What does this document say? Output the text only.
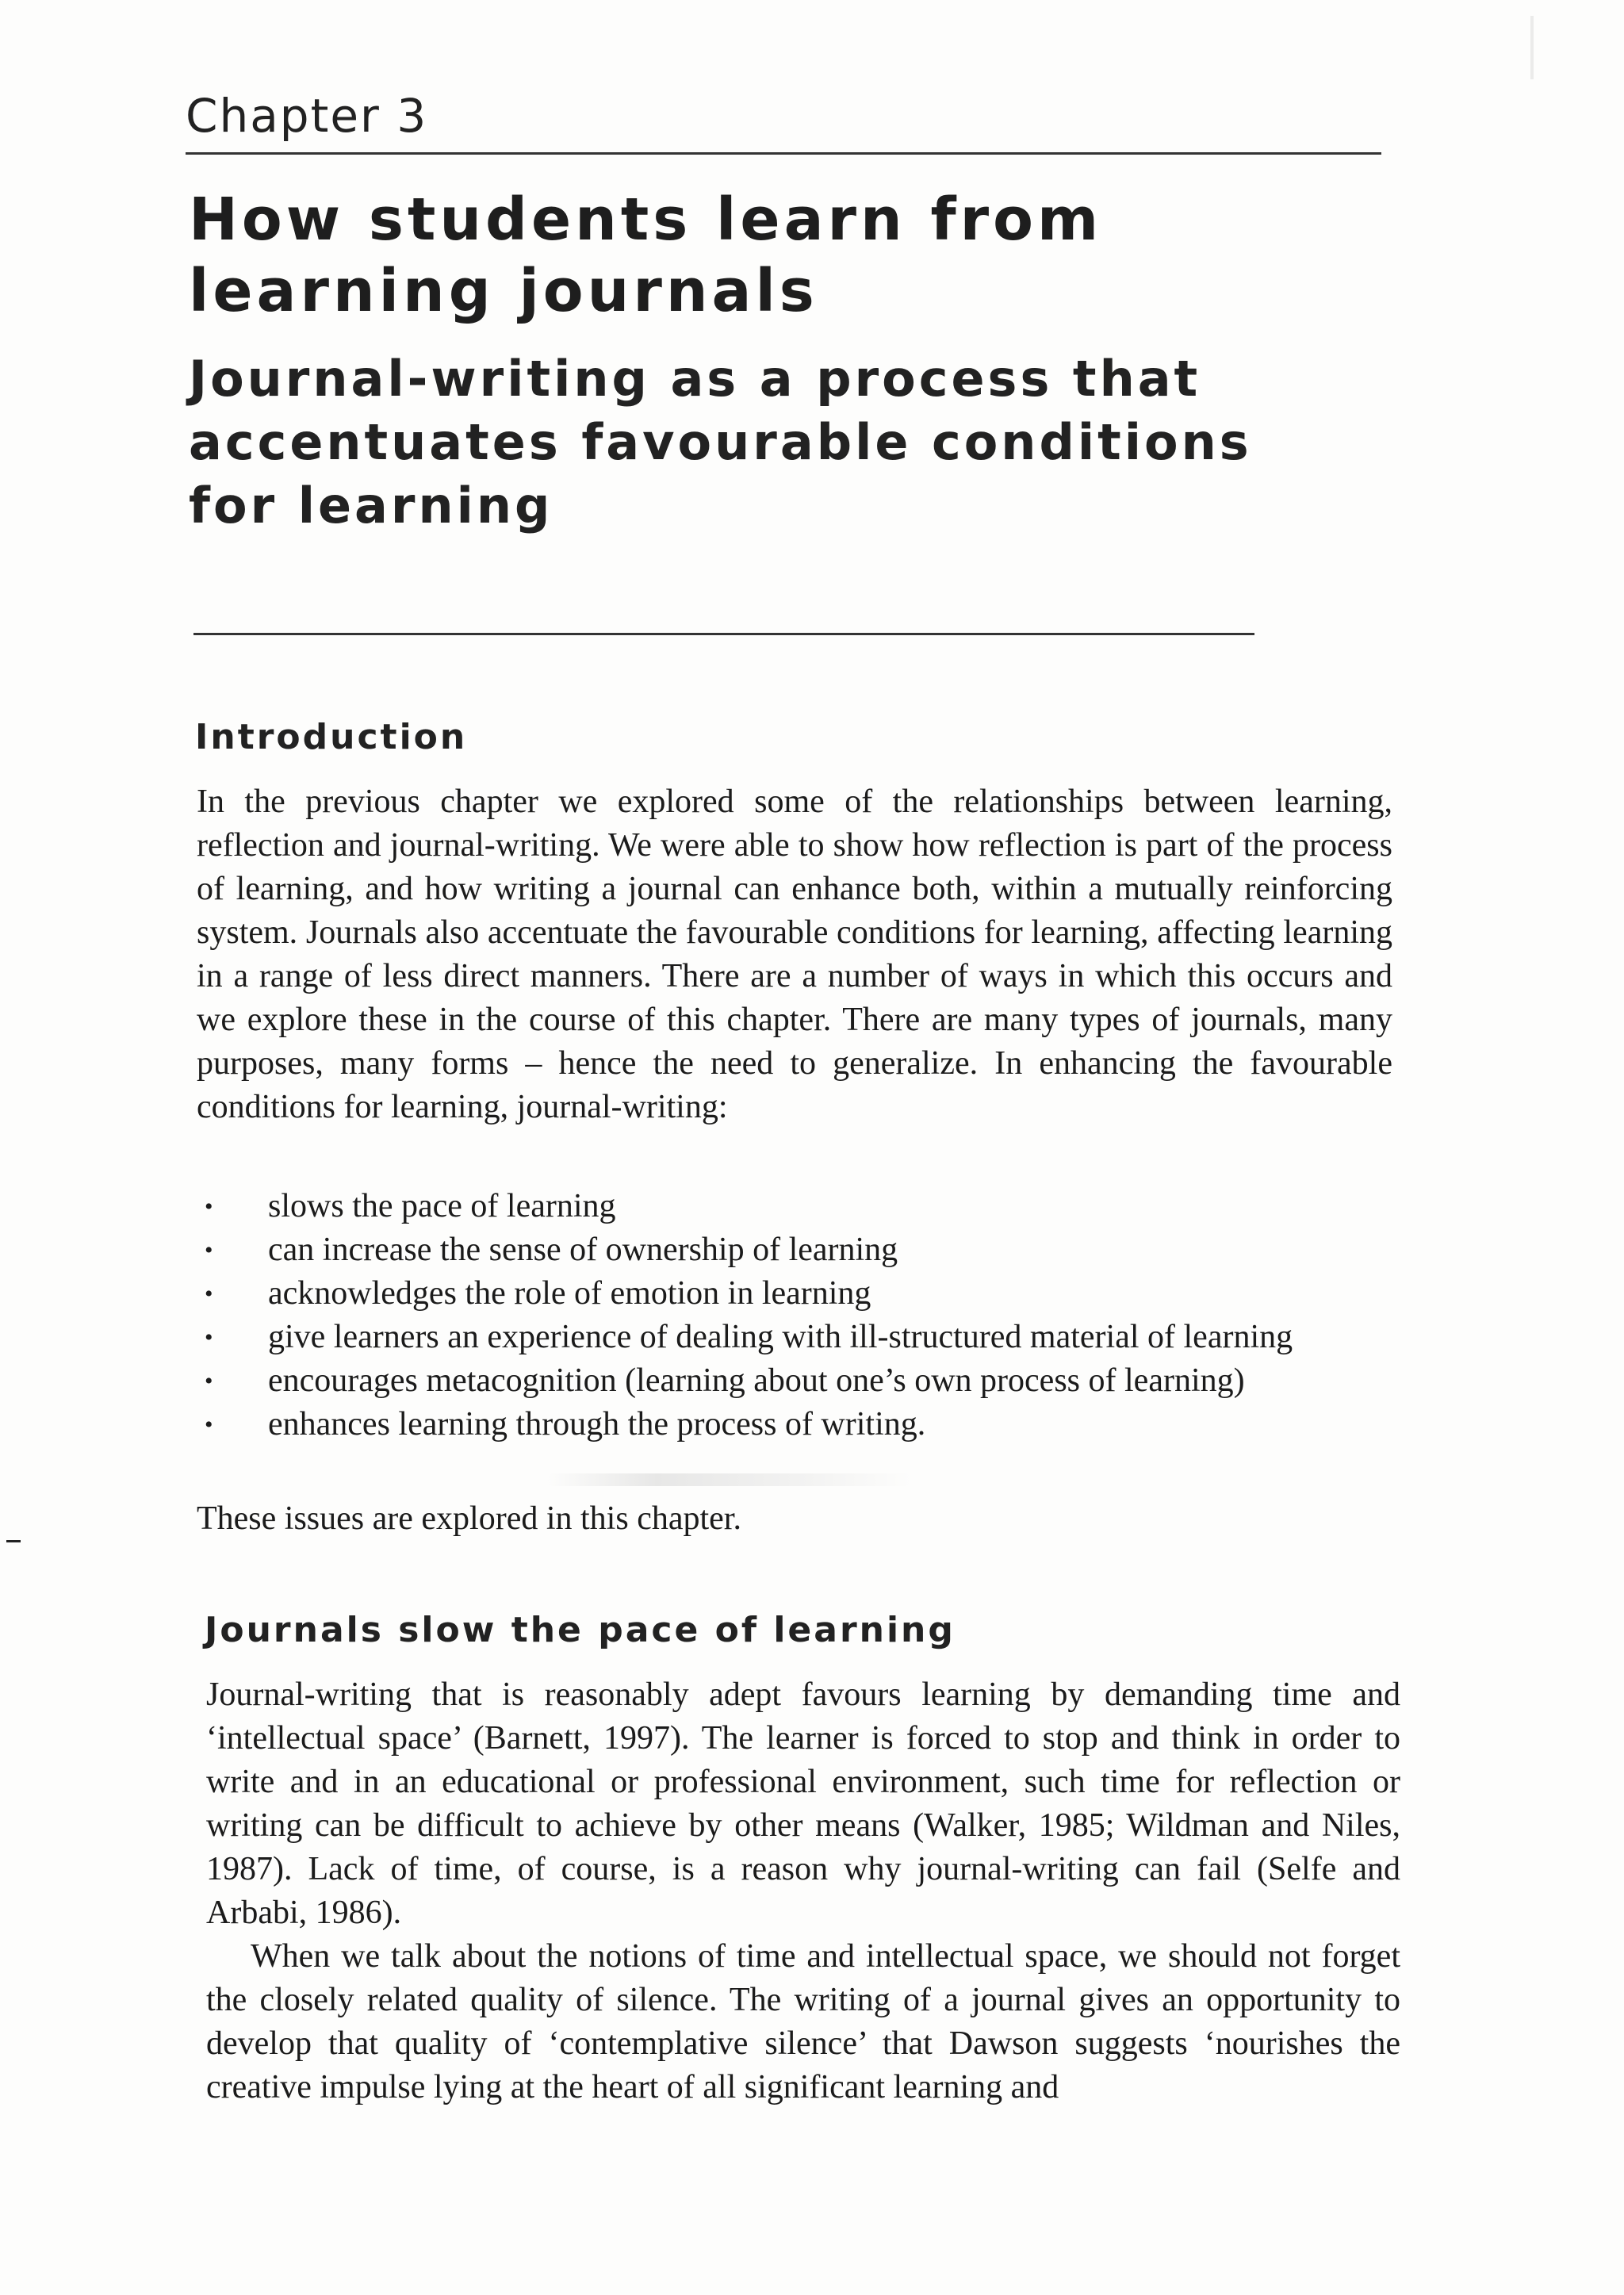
Chapter 3
How students learn from learning journals
Journal-writing as a process that accentuates favourable conditions for learning
Introduction

In the previous chapter we explored some of the relationships between learning, reflection and journal-writing. We were able to show how reflection is part of the process of learning, and how writing a journal can enhance both, within a mutually reinforcing system. Journals also accentuate the favourable conditions for learning, affecting learning in a range of less direct manners. There are a number of ways in which this occurs and we explore these in the course of this chapter. There are many types of journals, many purposes, many forms – hence the need to generalize. In enhancing the favourable conditions for learning, journal-writing:

• slows the pace of learning
• can increase the sense of ownership of learning
• acknowledges the role of emotion in learning
• give learners an experience of dealing with ill-structured material of learning
• encourages metacognition (learning about one’s own process of learning)
• enhances learning through the process of writing.

These issues are explored in this chapter.

Journals slow the pace of learning

Journal-writing that is reasonably adept favours learning by demanding time and ‘intellectual space’ (Barnett, 1997). The learner is forced to stop and think in order to write and in an educational or professional environment, such time for reflection or writing can be difficult to achieve by other means (Walker, 1985; Wildman and Niles, 1987). Lack of time, of course, is a reason why journal-writing can fail (Selfe and Arbabi, 1986).

When we talk about the notions of time and intellectual space, we should not forget the closely related quality of silence. The writing of a journal gives an opportunity to develop that quality of ‘contemplative silence’ that Dawson suggests ‘nourishes the creative impulse lying at the heart of all significant learning and
